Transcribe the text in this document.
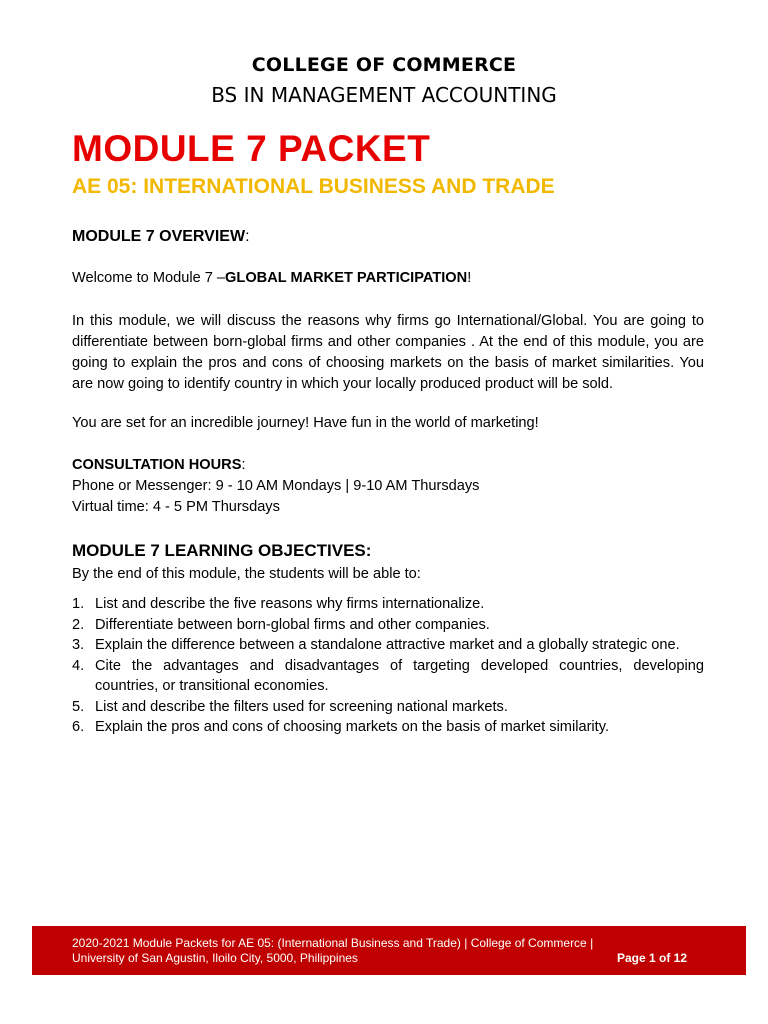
COLLEGE OF COMMERCE
BS IN MANAGEMENT ACCOUNTING
MODULE 7 PACKET
AE 05: INTERNATIONAL BUSINESS AND TRADE
MODULE 7 OVERVIEW:
Welcome to Module 7 –GLOBAL MARKET PARTICIPATION!
In this module, we will discuss the reasons why firms go International/Global. You are going to differentiate between born-global firms and other companies . At the end of this module, you are going to explain the pros and cons of choosing markets on the basis of market similarities. You are now going to identify country in which your locally produced product will be sold.
You are set for an incredible journey! Have fun in the world of marketing!
CONSULTATION HOURS:
Phone or Messenger: 9 - 10 AM Mondays | 9-10 AM Thursdays
Virtual time: 4 - 5 PM Thursdays
MODULE 7 LEARNING OBJECTIVES:
By the end of this module, the students will be able to:
1. List and describe the five reasons why firms internationalize.
2. Differentiate between born-global firms and other companies.
3. Explain the difference between a standalone attractive market and a globally strategic one.
4. Cite the advantages and disadvantages of targeting developed countries, developing countries, or transitional economies.
5. List and describe the filters used for screening national markets.
6. Explain the pros and cons of choosing markets on the basis of market similarity.
2020-2021 Module Packets for AE 05: (International Business and Trade) | College of Commerce |
University of San Agustin, Iloilo City, 5000, Philippines	Page 1 of 12
